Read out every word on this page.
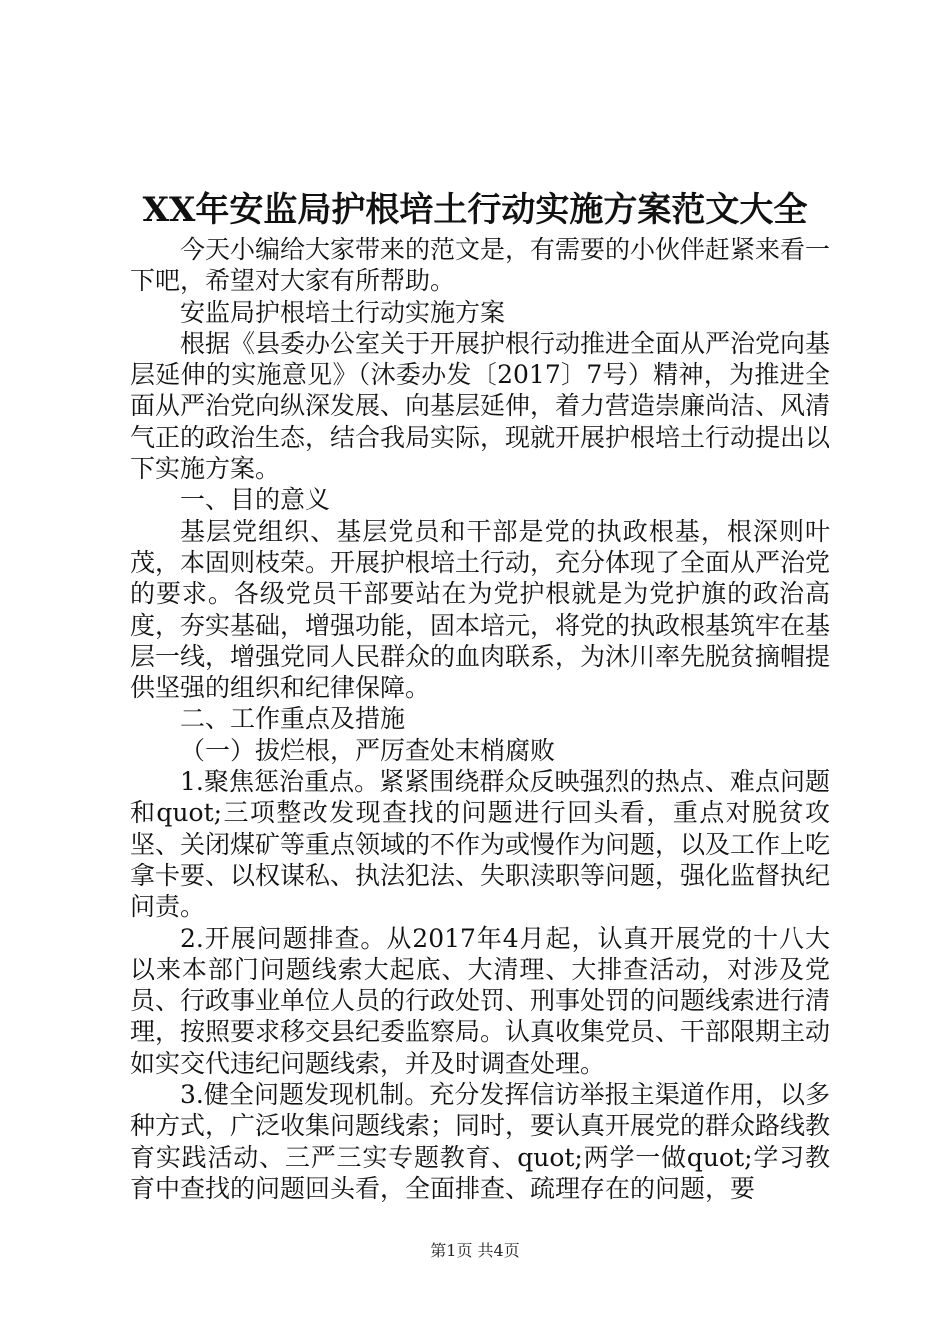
XX年安监局护根培土行动实施方案范文大全

今天小编给大家带来的范文是，有需要的小伙伴赶紧来看一下吧，希望对大家有所帮助。

安监局护根培土行动实施方案

根据《县委办公室关于开展护根行动推进全面从严治党向基层延伸的实施意见》（沐委办发〔2017〕7号）精神，为推进全面从严治党向纵深发展、向基层延伸，着力营造崇廉尚洁、风清气正的政治生态，结合我局实际，现就开展护根培土行动提出以下实施方案。

一、目的意义

基层党组织、基层党员和干部是党的执政根基，根深则叶茂，本固则枝荣。开展护根培土行动，充分体现了全面从严治党的要求。各级党员干部要站在为党护根就是为党护旗的政治高度，夯实基础，增强功能，固本培元，将党的执政根基筑牢在基层一线，增强党同人民群众的血肉联系，为沐川率先脱贫摘帽提供坚强的组织和纪律保障。

二、工作重点及措施

（一）拔烂根，严厉查处末梢腐败

1.聚焦惩治重点。紧紧围绕群众反映强烈的热点、难点问题和quot;三项整改发现查找的问题进行回头看，重点对脱贫攻坚、关闭煤矿等重点领域的不作为或慢作为问题，以及工作上吃拿卡要、以权谋私、执法犯法、失职渎职等问题，强化监督执纪问责。

2.开展问题排查。从2017年4月起，认真开展党的十八大以来本部门问题线索大起底、大清理、大排查活动，对涉及党员、行政事业单位人员的行政处罚、刑事处罚的问题线索进行清理，按照要求移交县纪委监察局。认真收集党员、干部限期主动如实交代违纪问题线索，并及时调查处理。

3.健全问题发现机制。充分发挥信访举报主渠道作用，以多种方式，广泛收集问题线索；同时，要认真开展党的群众路线教育实践活动、三严三实专题教育、quot;两学一做quot;学习教育中查找的问题回头看，全面排查、疏理存在的问题，要

第1页 共4页
